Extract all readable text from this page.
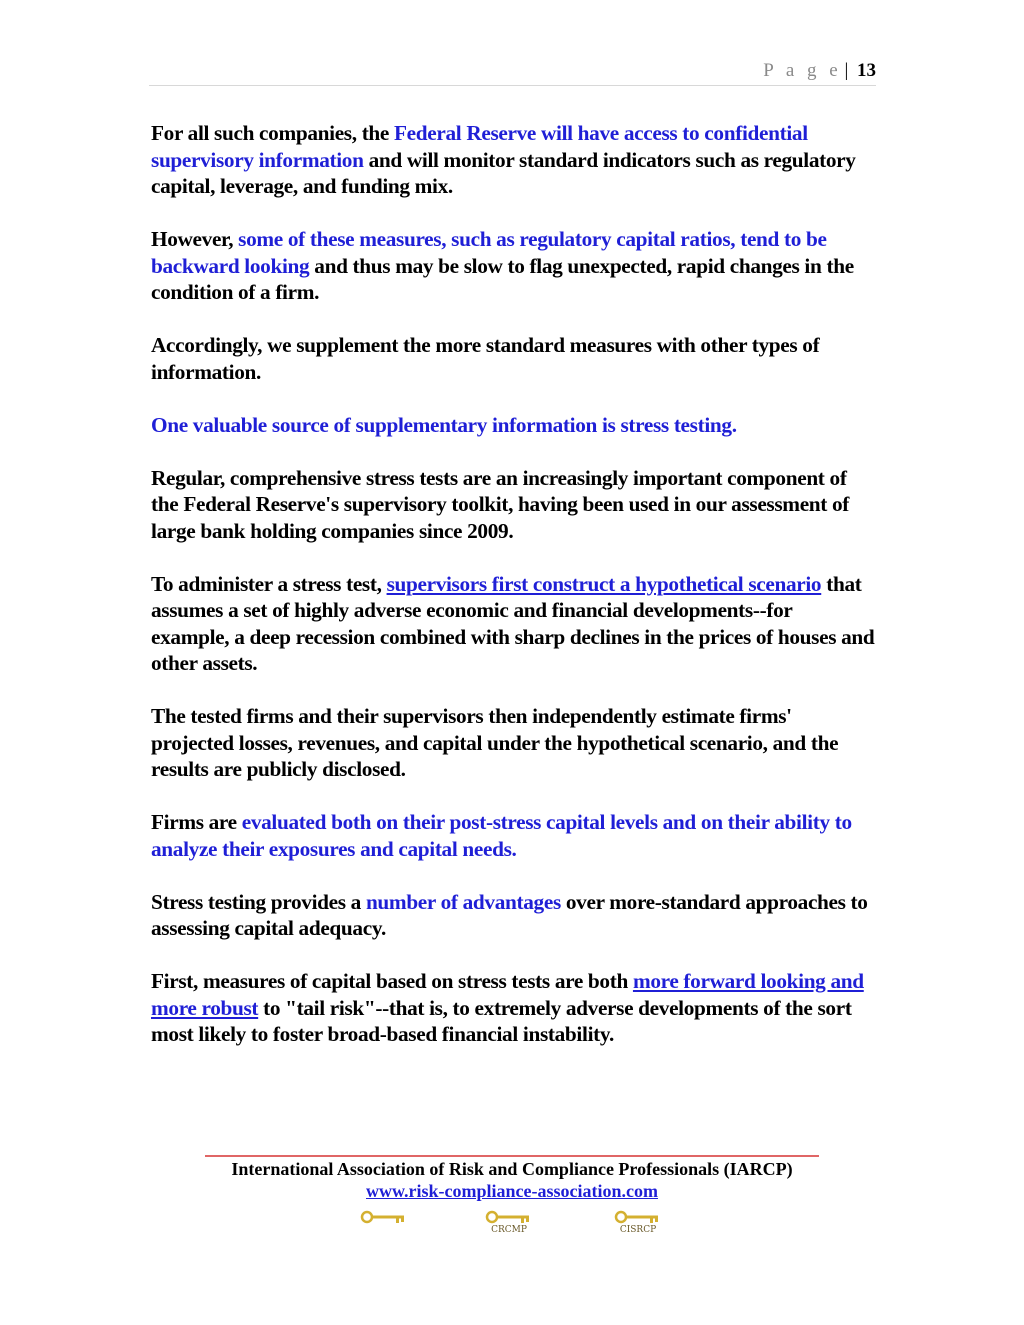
P a g e | 13

For all such companies, the Federal Reserve will have access to confidential supervisory information and will monitor standard indicators such as regulatory capital, leverage, and funding mix.

However, some of these measures, such as regulatory capital ratios, tend to be backward looking and thus may be slow to flag unexpected, rapid changes in the condition of a firm.

Accordingly, we supplement the more standard measures with other types of information.

One valuable source of supplementary information is stress testing.

Regular, comprehensive stress tests are an increasingly important component of the Federal Reserve's supervisory toolkit, having been used in our assessment of large bank holding companies since 2009.

To administer a stress test, supervisors first construct a hypothetical scenario that assumes a set of highly adverse economic and financial developments--for example, a deep recession combined with sharp declines in the prices of houses and other assets.

The tested firms and their supervisors then independently estimate firms' projected losses, revenues, and capital under the hypothetical scenario, and the results are publicly disclosed.

Firms are evaluated both on their post-stress capital levels and on their ability to analyze their exposures and capital needs.

Stress testing provides a number of advantages over more-standard approaches to assessing capital adequacy.

First, measures of capital based on stress tests are both more forward looking and more robust to "tail risk"--that is, to extremely adverse developments of the sort most likely to foster broad-based financial instability.

International Association of Risk and Compliance Professionals (IARCP)
www.risk-compliance-association.com
CRCMP	CISRCP
